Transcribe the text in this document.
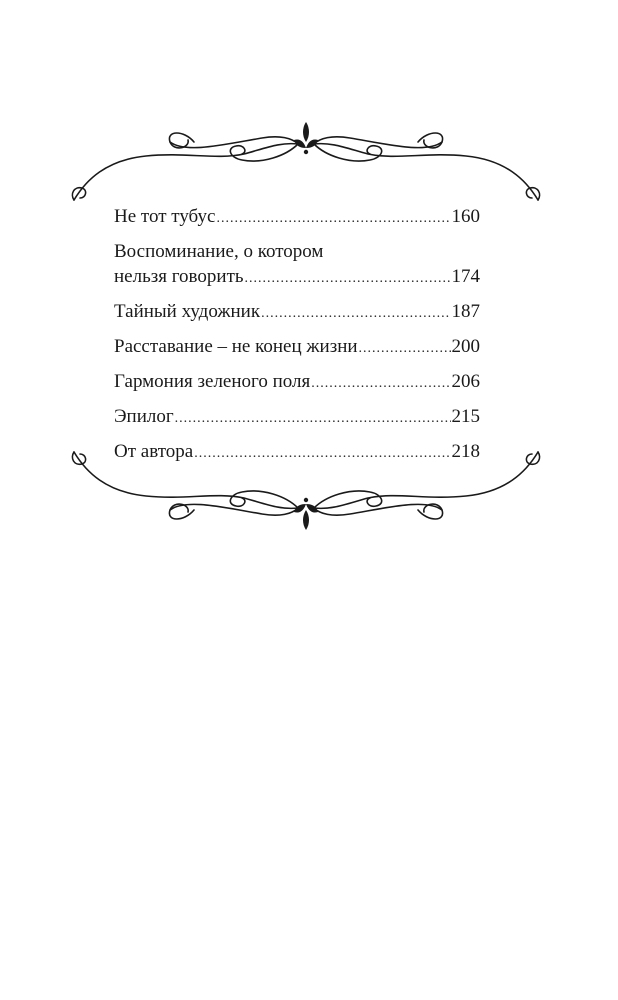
Не тот тубус .....	160
Воспоминание, о котором
нельзя говорить .....	174
Тайный художник .....	187
Расставание – не конец жизни .....	200
Гармония зеленого поля .....	206
Эпилог .....	215
От автора .....	218
